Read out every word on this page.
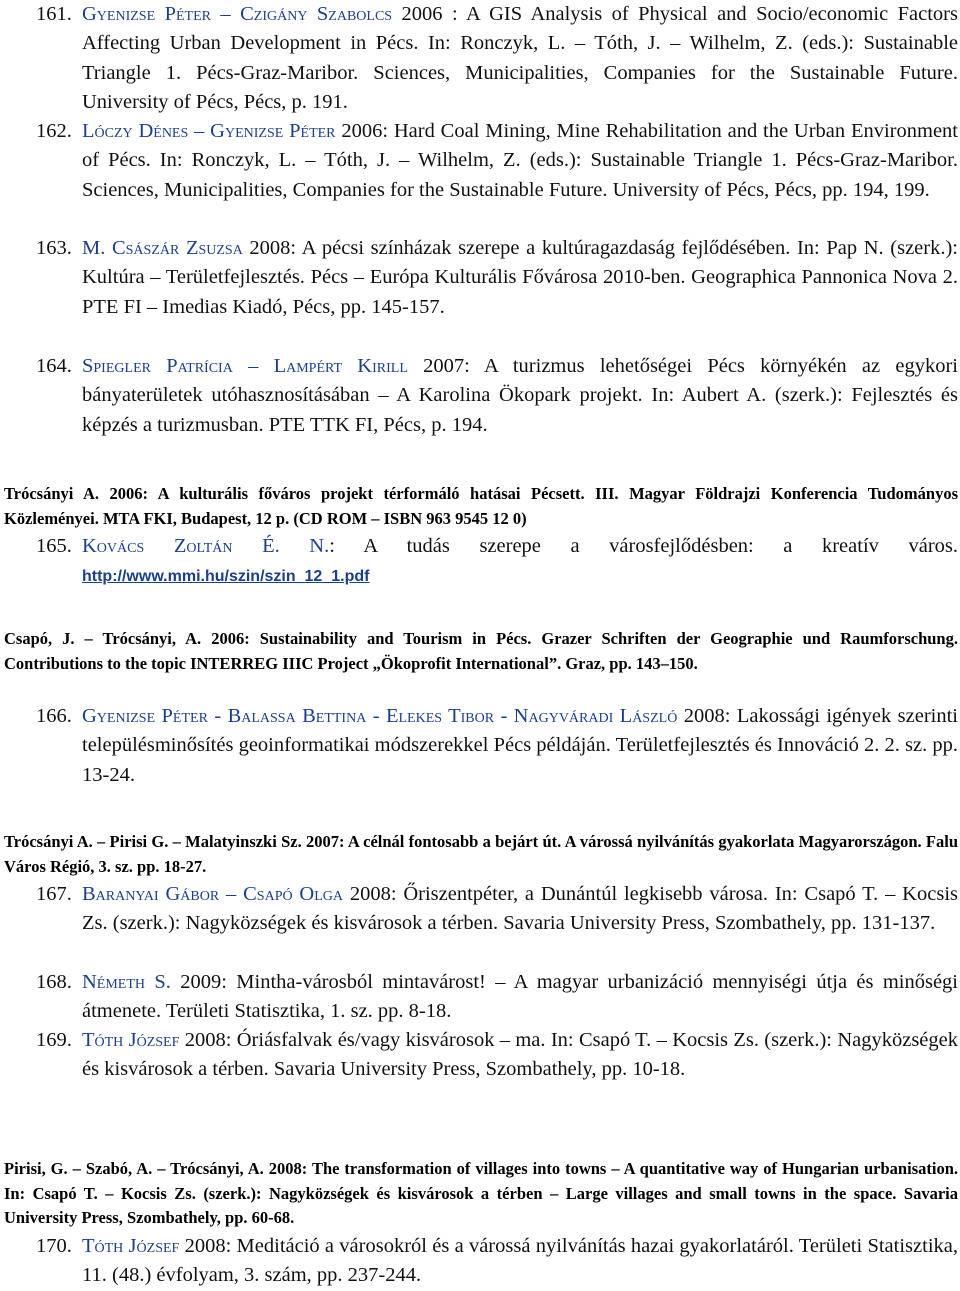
161. Gyenizse Péter – Czigány Szabolcs 2006 : A GIS Analysis of Physical and Socio/economic Factors Affecting Urban Development in Pécs. In: Ronczyk, L. – Tóth, J. – Wilhelm, Z. (eds.): Sustainable Triangle 1. Pécs-Graz-Maribor. Sciences, Municipalities, Companies for the Sustainable Future. University of Pécs, Pécs, p. 191.
162. Lóczy Dénes – Gyenizse Péter 2006: Hard Coal Mining, Mine Rehabilitation and the Urban Environment of Pécs. In: Ronczyk, L. – Tóth, J. – Wilhelm, Z. (eds.): Sustainable Triangle 1. Pécs-Graz-Maribor. Sciences, Municipalities, Companies for the Sustainable Future. University of Pécs, Pécs, pp. 194, 199.
163. M. Császár Zsuzsa 2008: A pécsi színházak szerepe a kultúragazdaság fejlődésében. In: Pap N. (szerk.): Kultúra – Területfejlesztés. Pécs – Európa Kulturális Fővárosa 2010-ben. Geographica Pannonica Nova 2. PTE FI – Imedias Kiadó, Pécs, pp. 145-157.
164. Spiegler Patrícia – Lampért Kirill 2007: A turizmus lehetőségei Pécs környékén az egykori bányaterületek utóhasznosításában – A Karolina Ökopark projekt. In: Aubert A. (szerk.): Fejlesztés és képzés a turizmusban. PTE TTK FI, Pécs, p. 194.
Trócsányi A. 2006: A kulturális főváros projekt térformáló hatásai Pécsett. III. Magyar Földrajzi Konferencia Tudományos Közleményei. MTA FKI, Budapest, 12 p. (CD ROM – ISBN 963 9545 12 0)
165. Kovács Zoltán É. N.: A tudás szerepe a városfejlődésben: a kreatív város. http://www.mmi.hu/szin/szin_12_1.pdf
Csapó, J. – Trócsányi, A. 2006: Sustainability and Tourism in Pécs. Grazer Schriften der Geographie und Raumforschung. Contributions to the topic INTERREG IIIC Project „Ökoprofit International”. Graz, pp. 143–150.
166. Gyenizse Péter - Balassa Bettina - Elekes Tibor - Nagyváradi László 2008: Lakossági igények szerinti településminősítés geoinformatikai módszerekkel Pécs példáján. Területfejlesztés és Innováció 2. 2. sz. pp. 13-24.
Trócsányi A. – Pirisi G. – Malatyinszki Sz. 2007: A célnál fontosabb a bejárt út. A várossá nyilvánítás gyakorlata Magyarországon. Falu Város Régió, 3. sz. pp. 18-27.
167. Baranyai Gábor – Csapó Olga 2008: Őriszentpéter, a Dunántúl legkisebb városa. In: Csapó T. – Kocsis Zs. (szerk.): Nagyközségek és kisvárosok a térben. Savaria University Press, Szombathely, pp. 131-137.
168. Németh S. 2009: Mintha-városból mintavárost! – A magyar urbanizáció mennyiségi útja és minőségi átmenete. Területi Statisztika, 1. sz. pp. 8-18.
169. Tóth József 2008: Óriásfalvak és/vagy kisvárosok – ma. In: Csapó T. – Kocsis Zs. (szerk.): Nagyközségek és kisvárosok a térben. Savaria University Press, Szombathely, pp. 10-18.
Pirisi, G. – Szabó, A. – Trócsányi, A. 2008: The transformation of villages into towns – A quantitative way of Hungarian urbanisation. In: Csapó T. – Kocsis Zs. (szerk.): Nagyközségek és kisvárosok a térben – Large villages and small towns in the space. Savaria University Press, Szombathely, pp. 60-68.
170. Tóth József 2008: Meditáció a városokról és a várossá nyilvánítás hazai gyakorlatáról. Területi Statisztika, 11. (48.) évfolyam, 3. szám, pp. 237-244.
